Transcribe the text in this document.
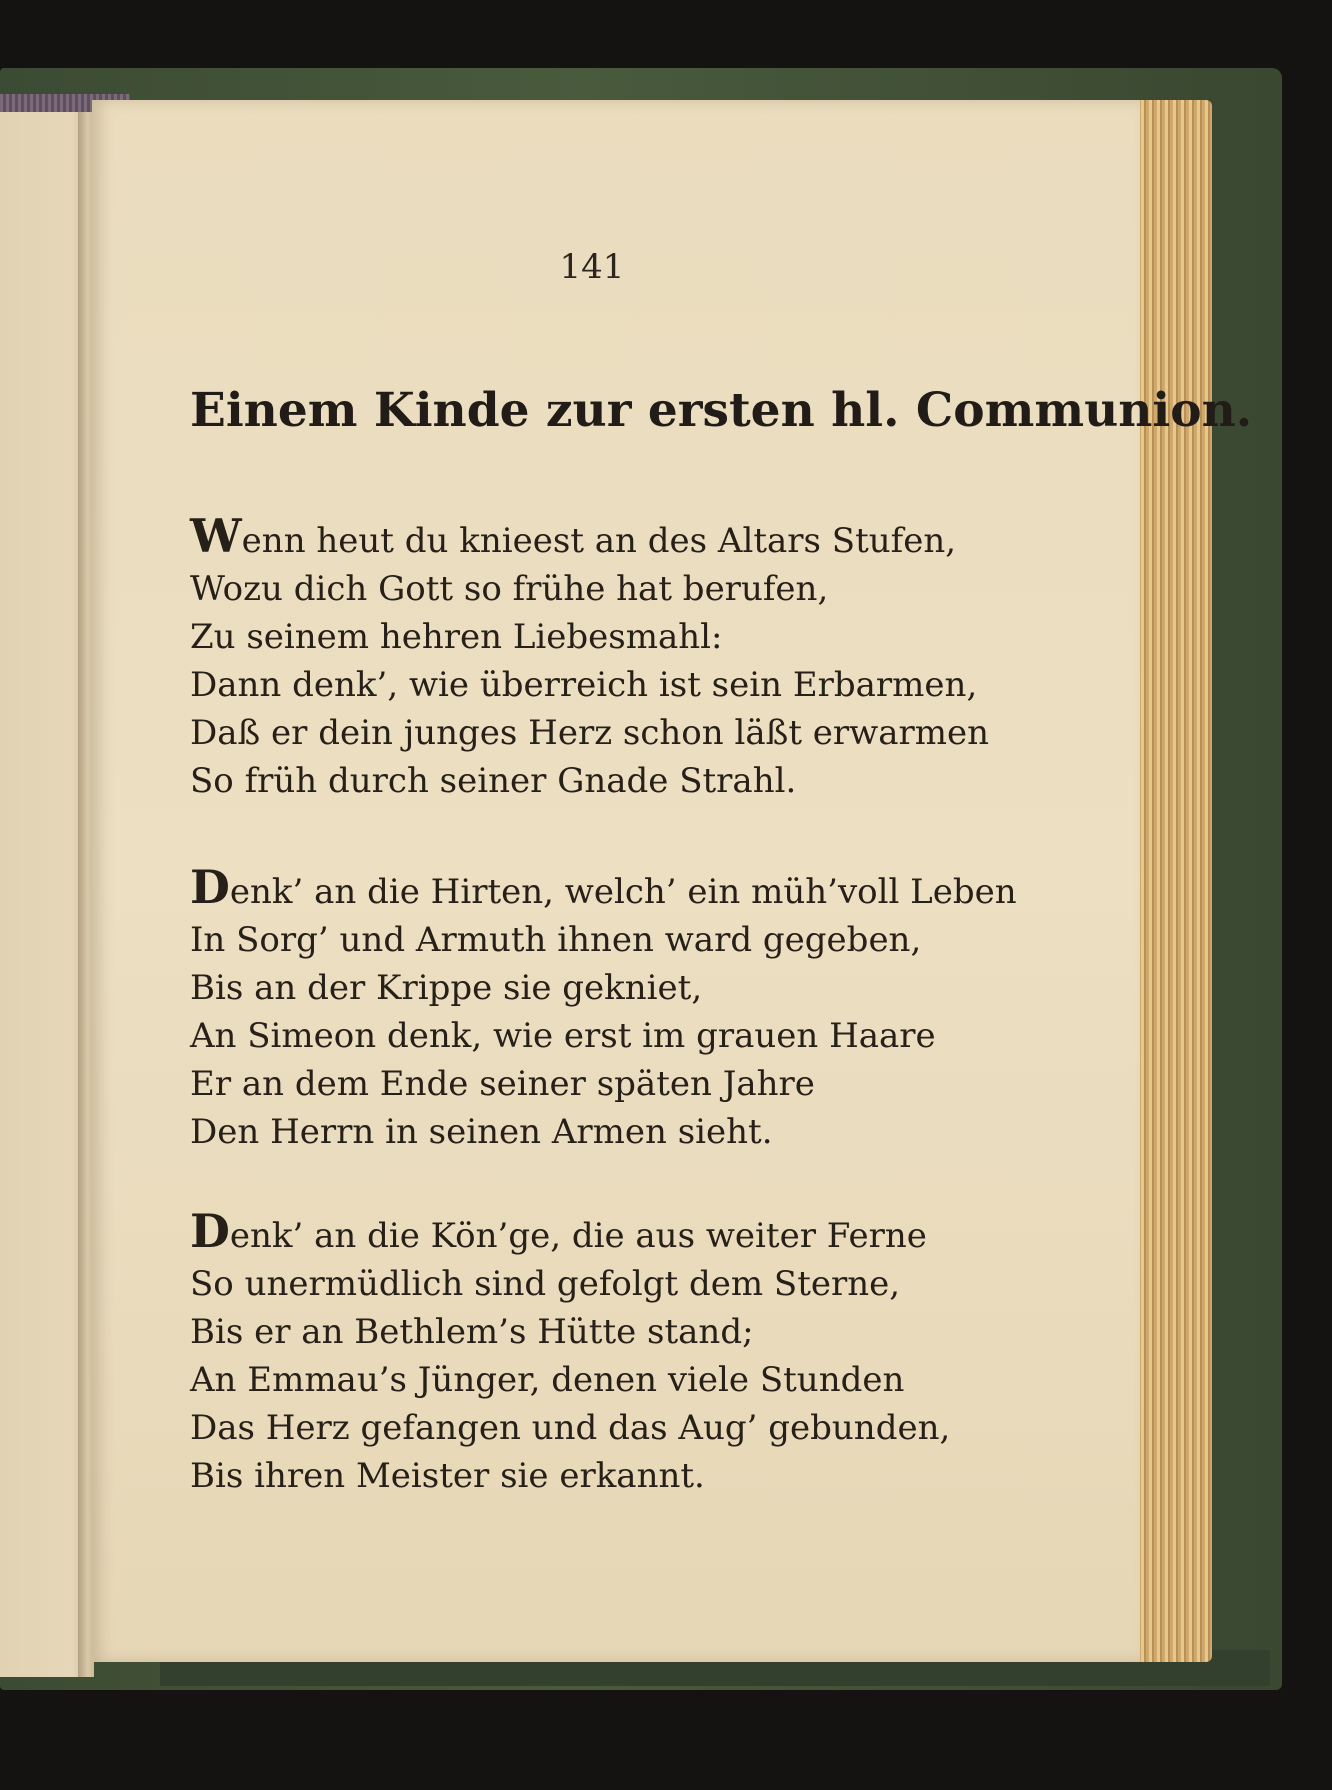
141
Einem Kinde zur ersten hl. Communion.
Wenn heut du knieest an des Altars Stufen,
Wozu dich Gott so frühe hat berufen,
Zu seinem hehren Liebesmahl:
Dann denk’, wie überreich ist sein Erbarmen,
Daß er dein junges Herz schon läßt erwarmen
So früh durch seiner Gnade Strahl.
Denk’ an die Hirten, welch’ ein müh’voll Leben
In Sorg’ und Armuth ihnen ward gegeben,
Bis an der Krippe sie gekniet,
An Simeon denk, wie erst im grauen Haare
Er an dem Ende seiner späten Jahre
Den Herrn in seinen Armen sieht.
Denk’ an die Kön’ge, die aus weiter Ferne
So unermüdlich sind gefolgt dem Sterne,
Bis er an Bethlem’s Hütte stand;
An Emmau’s Jünger, denen viele Stunden
Das Herz gefangen und das Aug’ gebunden,
Bis ihren Meister sie erkannt.
